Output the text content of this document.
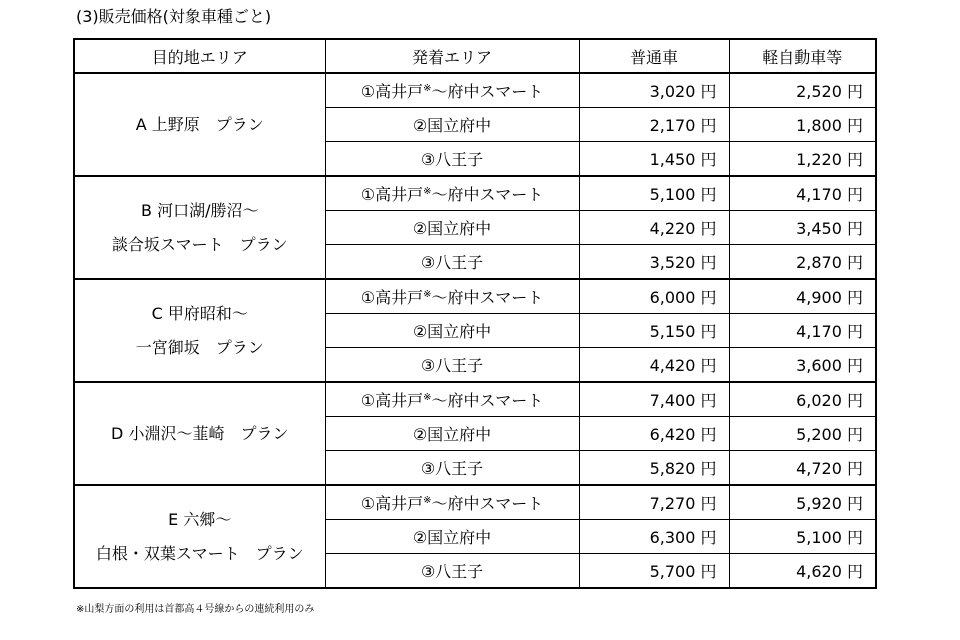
(3)販売価格(対象車種ごと)
目的地エリア	発着エリア	普通車	軽自動車等

A 上野原　プラン	①高井戸※～府中スマート	3,020 円	2,520 円
	②国立府中	2,170 円	1,800 円
	③八王子	1,450 円	1,220 円

B 河口湖/勝沼～
談合坂スマート　プラン	①高井戸※～府中スマート	5,100 円	4,170 円
	②国立府中	4,220 円	3,450 円
	③八王子	3,520 円	2,870 円

C 甲府昭和～
一宮御坂　プラン	①高井戸※～府中スマート	6,000 円	4,900 円
	②国立府中	5,150 円	4,170 円
	③八王子	4,420 円	3,600 円

D 小淵沢～韮崎　プラン	①高井戸※～府中スマート	7,400 円	6,020 円
	②国立府中	6,420 円	5,200 円
	③八王子	5,820 円	4,720 円

E 六郷～
白根・双葉スマート　プラン	①高井戸※～府中スマート	7,270 円	5,920 円
	②国立府中	6,300 円	5,100 円
	③八王子	5,700 円	4,620 円
※山梨方面の利用は首都高４号線からの連続利用のみ
